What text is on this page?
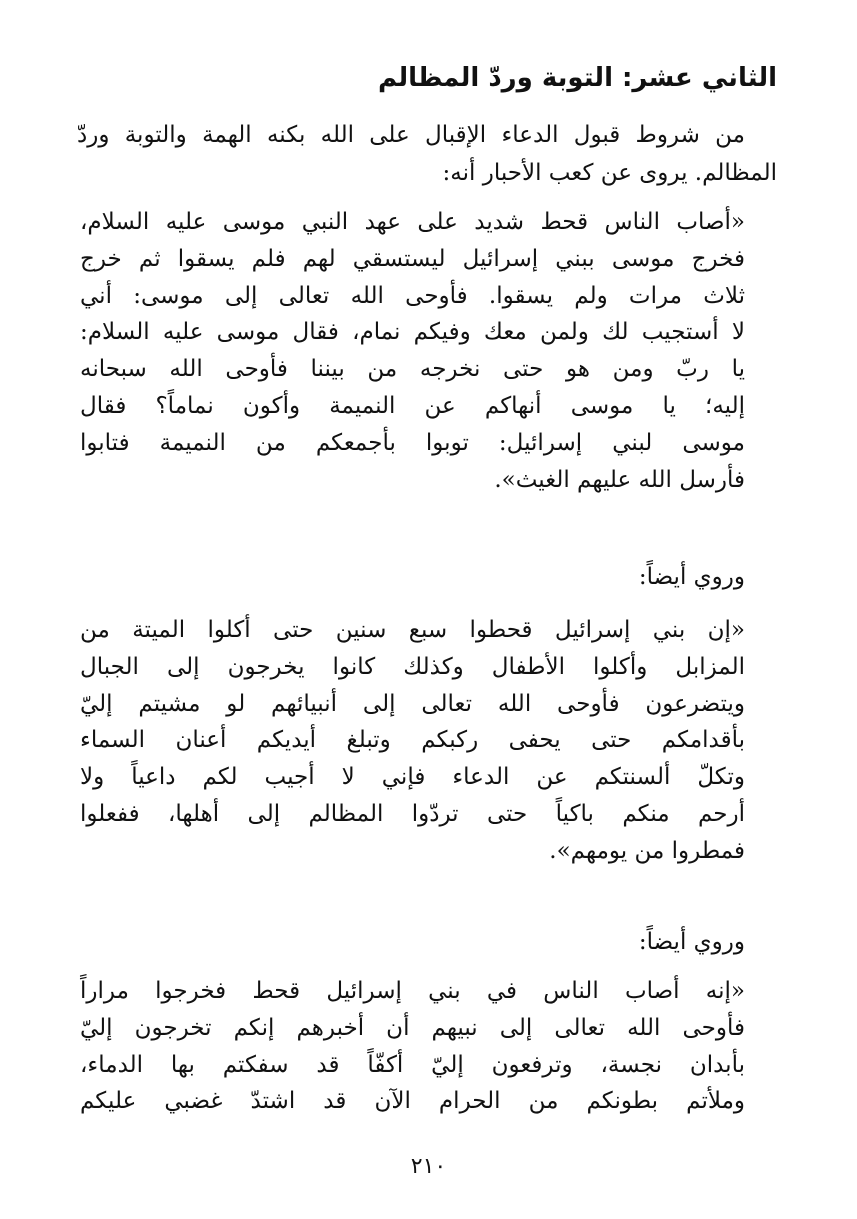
الثاني عشر: التوبة وردّ المظالم
من شروط قبول الدعاء الإقبال على الله بكنه الهمة والتوبة وردّ
المظالم. يروى عن كعب الأحبار أنه:
«أصاب الناس قحط شديد على عهد النبي موسى عليه السلام،
فخرج موسى ببني إسرائيل ليستسقي لهم فلم يسقوا ثم خرج
ثلاث مرات ولم يسقوا. فأوحى الله تعالى إلى موسى: أني
لا أستجيب لك ولمن معك وفيكم نمام، فقال موسى عليه السلام:
يا ربّ ومن هو حتى نخرجه من بيننا فأوحى الله سبحانه
إليه؛ يا موسى أنهاكم عن النميمة وأكون نماماً؟ فقال
موسى لبني إسرائيل: توبوا بأجمعكم من النميمة فتابوا
فأرسل الله عليهم الغيث».
وروي أيضاً:
«إن بني إسرائيل قحطوا سبع سنين حتى أكلوا الميتة من
المزابل وأكلوا الأطفال وكذلك كانوا يخرجون إلى الجبال
ويتضرعون فأوحى الله تعالى إلى أنبيائهم لو مشيتم إليّ
بأقدامكم حتى يحفى ركبكم وتبلغ أيديكم أعنان السماء
وتكلّ ألسنتكم عن الدعاء فإني لا أجيب لكم داعياً ولا
أرحم منكم باكياً حتى تردّوا المظالم إلى أهلها، ففعلوا
فمطروا من يومهم».
وروي أيضاً:
«إنه أصاب الناس في بني إسرائيل قحط فخرجوا مراراً
فأوحى الله تعالى إلى نبيهم أن أخبرهم إنكم تخرجون إليّ
بأبدان نجسة، وترفعون إليّ أكفّاً قد سفكتم بها الدماء،
وملأتم بطونكم من الحرام الآن قد اشتدّ غضبي عليكم
٢١٠
